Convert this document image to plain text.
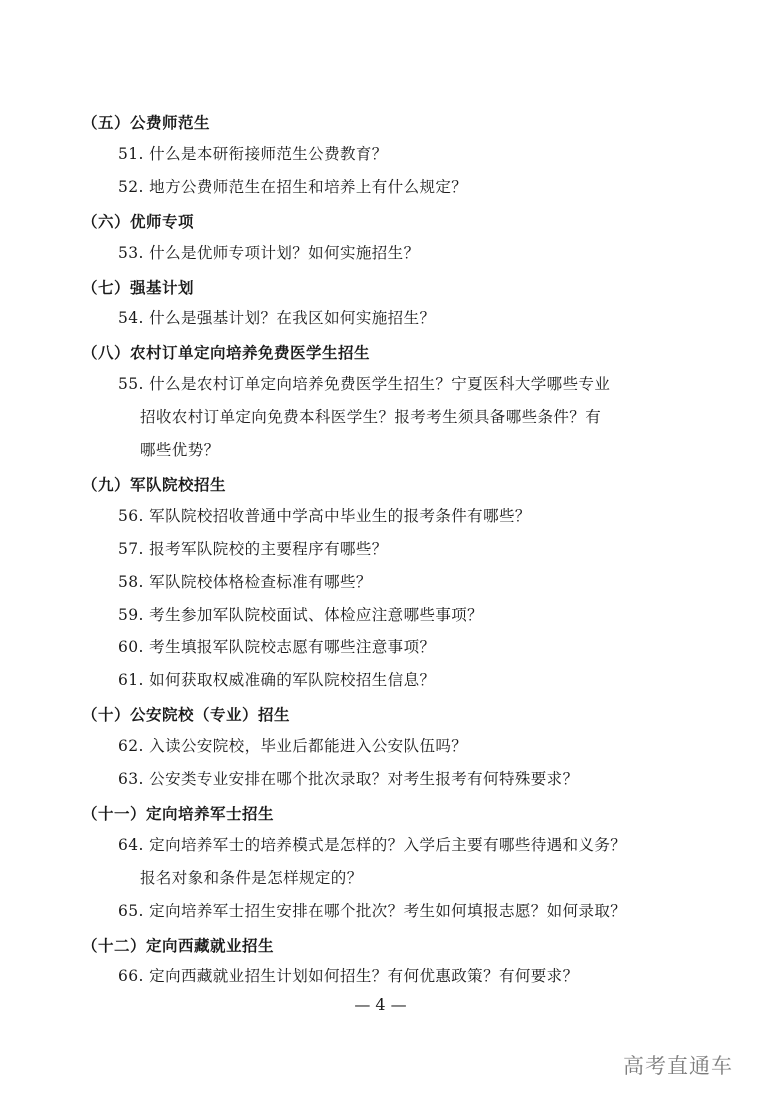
（五）公费师范生
51. 什么是本研衔接师范生公费教育？
52. 地方公费师范生在招生和培养上有什么规定？
（六）优师专项
53. 什么是优师专项计划？如何实施招生？
（七）强基计划
54. 什么是强基计划？在我区如何实施招生？
（八）农村订单定向培养免费医学生招生
55. 什么是农村订单定向培养免费医学生招生？宁夏医科大学哪些专业
招收农村订单定向免费本科医学生？报考考生须具备哪些条件？有
哪些优势？
（九）军队院校招生
56. 军队院校招收普通中学高中毕业生的报考条件有哪些？
57. 报考军队院校的主要程序有哪些？
58. 军队院校体格检查标准有哪些？
59. 考生参加军队院校面试、体检应注意哪些事项？
60. 考生填报军队院校志愿有哪些注意事项？
61. 如何获取权威准确的军队院校招生信息？
（十）公安院校（专业）招生
62. 入读公安院校，毕业后都能进入公安队伍吗？
63. 公安类专业安排在哪个批次录取？对考生报考有何特殊要求？
（十一）定向培养军士招生
64. 定向培养军士的培养模式是怎样的？入学后主要有哪些待遇和义务？
报名对象和条件是怎样规定的？
65. 定向培养军士招生安排在哪个批次？考生如何填报志愿？如何录取？
（十二）定向西藏就业招生
66. 定向西藏就业招生计划如何招生？有何优惠政策？有何要求？
— 4 —
高考直通车
